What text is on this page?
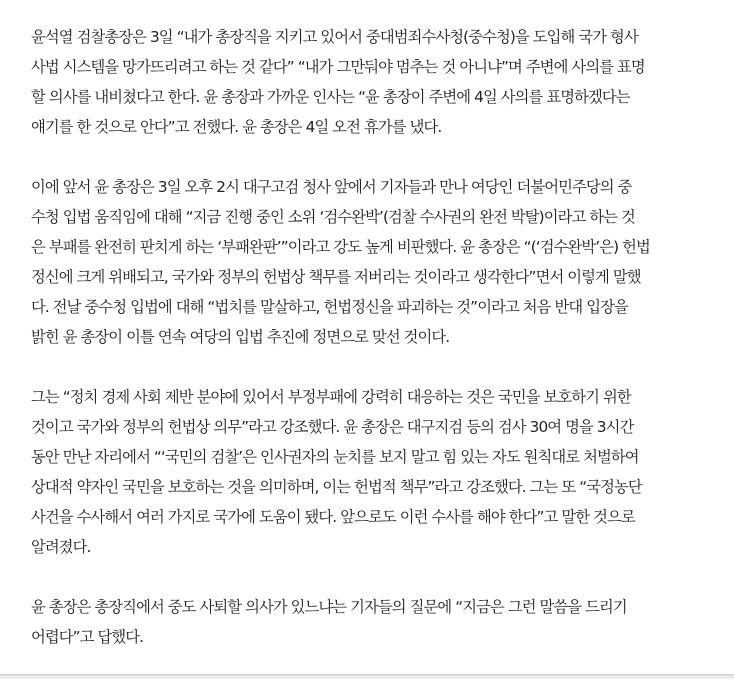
윤석열 검찰총장은 3일 “내가 총장직을 지키고 있어서 중대범죄수사청(중수청)을 도입해 국가 형사
사법 시스템을 망가뜨리려고 하는 것 같다” “내가 그만둬야 멈추는 것 아니냐”며 주변에 사의를 표명
할 의사를 내비쳤다고 한다. 윤 총장과 가까운 인사는 “윤 총장이 주변에 4일 사의를 표명하겠다는
얘기를 한 것으로 안다”고 전했다. 윤 총장은 4일 오전 휴가를 냈다.

이에 앞서 윤 총장은 3일 오후 2시 대구고검 청사 앞에서 기자들과 만나 여당인 더불어민주당의 중
수청 입법 움직임에 대해 “지금 진행 중인 소위 ‘검수완박’(검찰 수사권의 완전 박탈)이라고 하는 것
은 부패를 완전히 판치게 하는 ‘부패완판’”이라고 강도 높게 비판했다. 윤 총장은 “(‘검수완박’은) 헌법
정신에 크게 위배되고, 국가와 정부의 헌법상 책무를 저버리는 것이라고 생각한다”면서 이렇게 말했
다. 전날 중수청 입법에 대해 “법치를 말살하고, 헌법정신을 파괴하는 것”이라고 처음 반대 입장을
밝힌 윤 총장이 이틀 연속 여당의 입법 추진에 정면으로 맞선 것이다.

그는 “정치 경제 사회 제반 분야에 있어서 부정부패에 강력히 대응하는 것은 국민을 보호하기 위한
것이고 국가와 정부의 헌법상 의무”라고 강조했다. 윤 총장은 대구지검 등의 검사 30여 명을 3시간
동안 만난 자리에서 “‘국민의 검찰’은 인사권자의 눈치를 보지 말고 힘 있는 자도 원칙대로 처벌하여
상대적 약자인 국민을 보호하는 것을 의미하며, 이는 헌법적 책무”라고 강조했다. 그는 또 “국정농단
사건을 수사해서 여러 가지로 국가에 도움이 됐다. 앞으로도 이런 수사를 해야 한다”고 말한 것으로
알려졌다.

윤 총장은 총장직에서 중도 사퇴할 의사가 있느냐는 기자들의 질문에 “지금은 그런 말씀을 드리기
어렵다”고 답했다.
